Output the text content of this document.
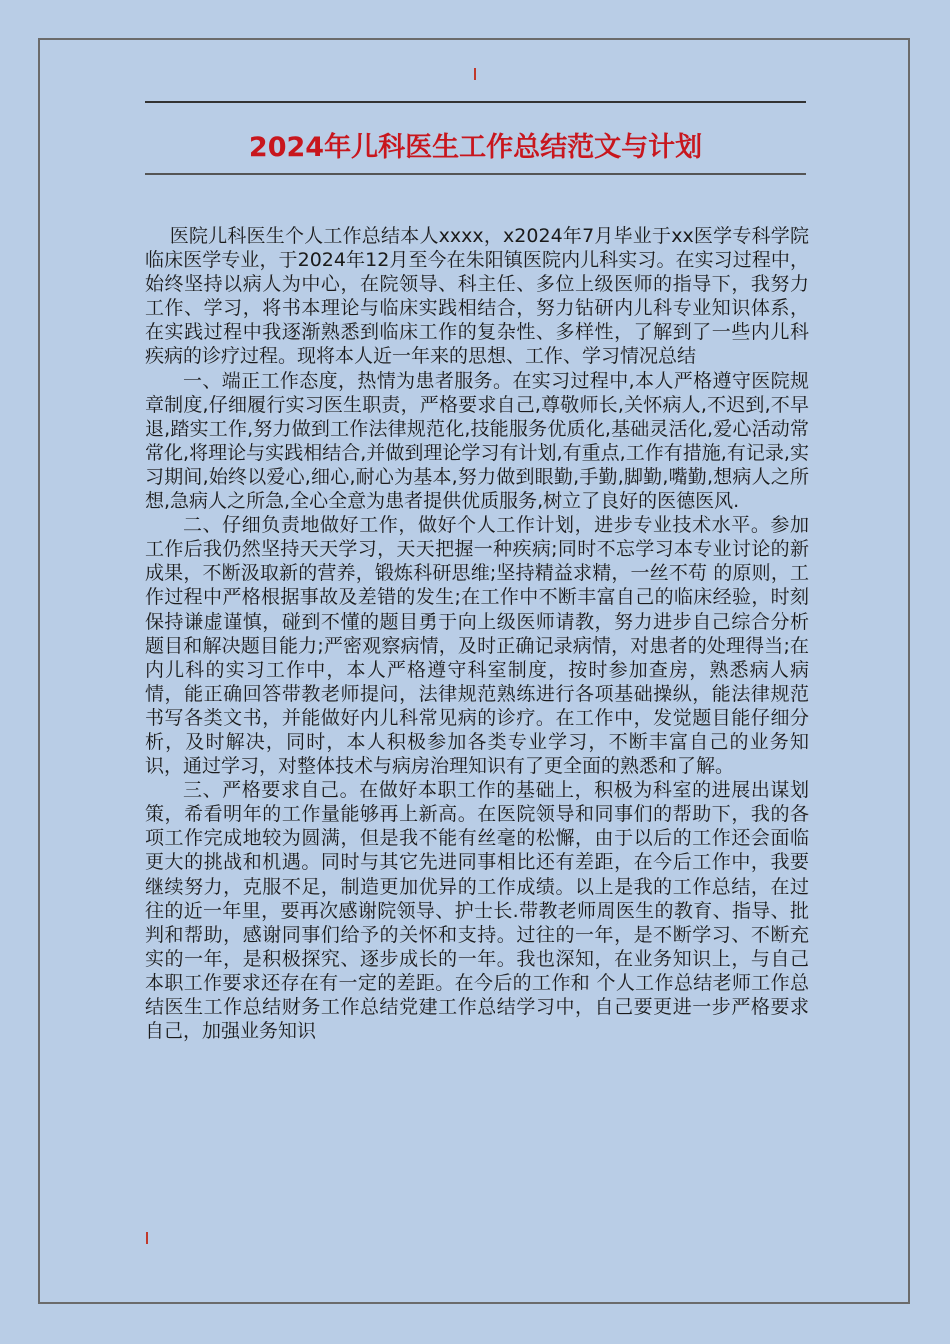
2024年儿科医生工作总结范文与计划

医院儿科医生个人工作总结本人xxxx，x2024年7月毕业于xx医学专科学院临床医学专业，于2024年12月至今在朱阳镇医院内儿科实习。在实习过程中，始终坚持以病人为中心，在院领导、科主任、多位上级医师的指导下，我努力工作、学习，将书本理论与临床实践相结合，努力钻研内儿科专业知识体系，在实践过程中我逐渐熟悉到临床工作的复杂性、多样性，了解到了一些内儿科疾病的诊疗过程。现将本人近一年来的思想、工作、学习情况总结

一、端正工作态度，热情为患者服务。在实习过程中,本人严格遵守医院规章制度,仔细履行实习医生职责，严格要求自己,尊敬师长,关怀病人,不迟到,不早退,踏实工作,努力做到工作法律规范化,技能服务优质化,基础灵活化,爱心活动常常化,将理论与实践相结合,并做到理论学习有计划,有重点,工作有措施,有记录,实习期间,始终以爱心,细心,耐心为基本,努力做到眼勤,手勤,脚勤,嘴勤,想病人之所想,急病人之所急,全心全意为患者提供优质服务,树立了良好的医德医风.

二、仔细负责地做好工作，做好个人工作计划，进步专业技术水平。参加工作后我仍然坚持天天学习，天天把握一种疾病;同时不忘学习本专业讨论的新成果，不断汲取新的营养，锻炼科研思维;坚持精益求精，一丝不苟 的原则，工作过程中严格根据事故及差错的发生;在工作中不断丰富自己的临床经验，时刻保持谦虚谨慎，碰到不懂的题目勇于向上级医师请教，努力进步自己综合分析题目和解决题目能力;严密观察病情，及时正确记录病情，对患者的处理得当;在内儿科的实习工作中，本人严格遵守科室制度，按时参加查房，熟悉病人病情，能正确回答带教老师提问，法律规范熟练进行各项基础操纵，能法律规范书写各类文书，并能做好内儿科常见病的诊疗。在工作中，发觉题目能仔细分析，及时解决，同时，本人积极参加各类专业学习，不断丰富自己的业务知识，通过学习，对整体技术与病房治理知识有了更全面的熟悉和了解。

三、严格要求自己。在做好本职工作的基础上，积极为科室的进展出谋划策，希看明年的工作量能够再上新高。在医院领导和同事们的帮助下，我的各项工作完成地较为圆满，但是我不能有丝毫的松懈，由于以后的工作还会面临更大的挑战和机遇。同时与其它先进同事相比还有差距，在今后工作中，我要继续努力，克服不足，制造更加优异的工作成绩。以上是我的工作总结，在过往的近一年里，要再次感谢院领导、护士长.带教老师周医生的教育、指导、批判和帮助，感谢同事们给予的关怀和支持。过往的一年，是不断学习、不断充实的一年，是积极探究、逐步成长的一年。我也深知，在业务知识上，与自己本职工作要求还存在有一定的差距。在今后的工作和 个人工作总结老师工作总结医生工作总结财务工作总结党建工作总结学习中，自己要更进一步严格要求自己，加强业务知识
